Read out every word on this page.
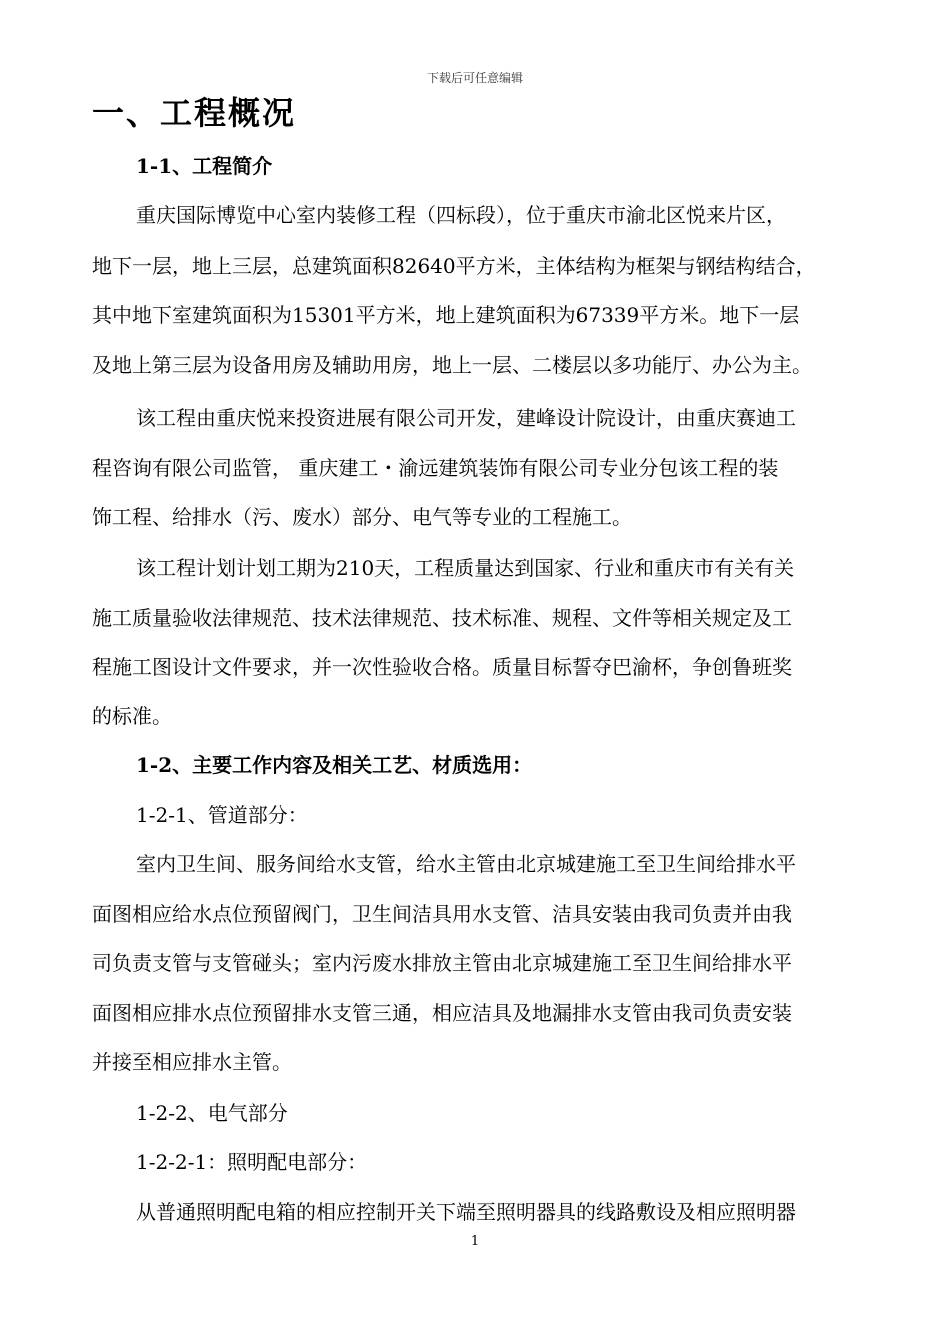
下载后可任意编辑
一、工程概况
1-1、工程简介
重庆国际博览中心室内装修工程（四标段），位于重庆市渝北区悦来片区，
地下一层，地上三层，总建筑面积82640平方米，主体结构为框架与钢结构结合，
其中地下室建筑面积为15301平方米，地上建筑面积为67339平方米。地下一层
及地上第三层为设备用房及辅助用房，地上一层、二楼层以多功能厅、办公为主。
该工程由重庆悦来投资进展有限公司开发，建峰设计院设计，由重庆赛迪工
程咨询有限公司监管， 重庆建工・渝远建筑装饰有限公司专业分包该工程的装
饰工程、给排水（污、废水）部分、电气等专业的工程施工。
该工程计划计划工期为210天，工程质量达到国家、行业和重庆市有关有关
施工质量验收法律规范、技术法律规范、技术标准、规程、文件等相关规定及工
程施工图设计文件要求，并一次性验收合格。质量目标誓夺巴渝杯，争创鲁班奖
的标准。
1-2、主要工作内容及相关工艺、材质选用：
1-2-1、管道部分：
室内卫生间、服务间给水支管，给水主管由北京城建施工至卫生间给排水平
面图相应给水点位预留阀门，卫生间洁具用水支管、洁具安装由我司负责并由我
司负责支管与支管碰头；室内污废水排放主管由北京城建施工至卫生间给排水平
面图相应排水点位预留排水支管三通，相应洁具及地漏排水支管由我司负责安装
并接至相应排水主管。
1-2-2、电气部分
1-2-2-1：照明配电部分：
从普通照明配电箱的相应控制开关下端至照明器具的线路敷设及相应照明器
1
